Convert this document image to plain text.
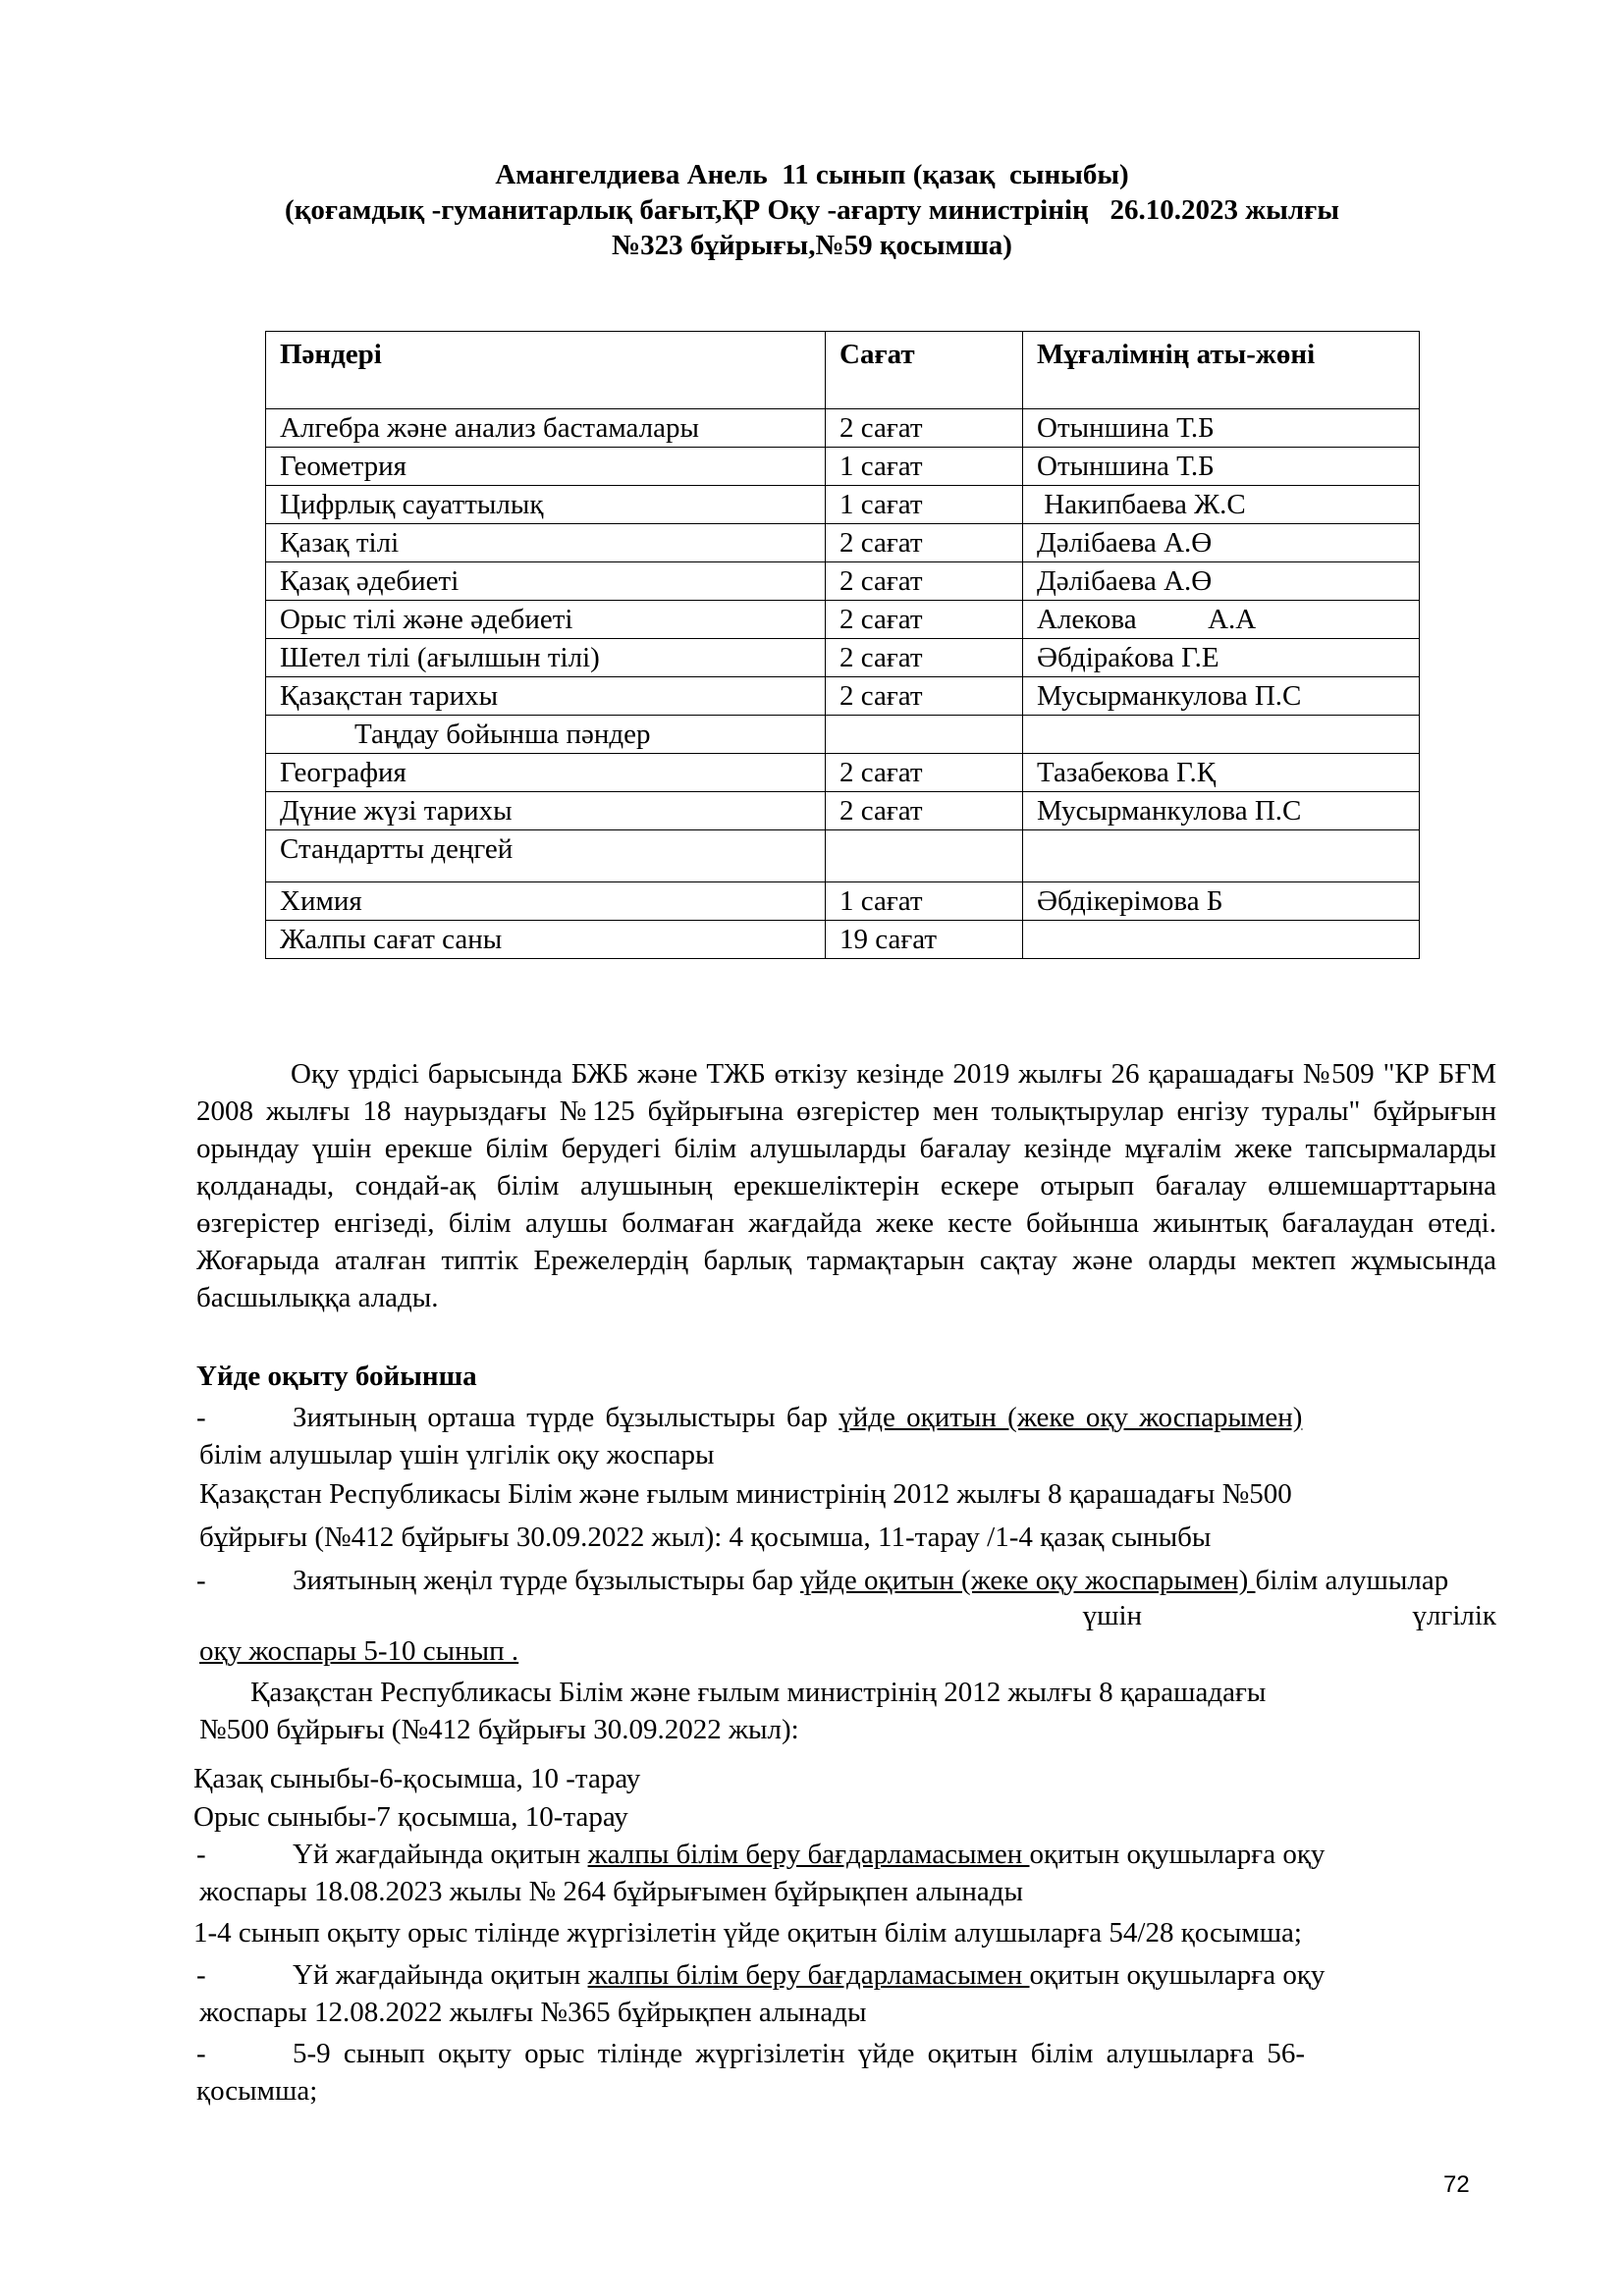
Амангелдиева Анель  11 сынып (қазақ  сыныбы)
(қоғамдық -гуманитарлық бағыт,ҚР Оқу -ағарту министрінің   26.10.2023 жылғы
№323 бұйрығы,№59 қосымша)
Пәндері	Сағат	Мұғалімнің аты-жөні
Алгебра және анализ бастамалары	2 сағат	Отыншина Т.Б
Геометрия	1 сағат	Отыншина Т.Б
Цифрлық сауаттылық	1 сағат	Накипбаева Ж.С
Қазақ тілі	2 сағат	Дәлібаева А.Ө
Қазақ әдебиеті	2 сағат	Дәлібаева А.Ө
Орыс тілі және әдебиеті	2 сағат	Алекова          А.А
Шетел тілі (ағылшын тілі)	2 сағат	Әбдіраќова Г.Е
Қазақстан тарихы	2 сағат	Мусырманкулова П.С
Таңдау бойынша пәндер		
География	2 сағат	Тазабекова Г.Қ
Дүние жүзі тарихы	2 сағат	Мусырманкулова П.С
Стандартты деңгей		
Химия	1 сағат	Әбдікерімова Б
Жалпы сағат саны	19 сағат	
Оқу үрдісі барысында БЖБ және ТЖБ өткізу кезінде 2019 жылғы 26 қарашадағы №509 "КР БҒМ 2008 жылғы 18 наурыздағы №125 бұйрығына өзгерістер мен толықтырулар енгізу туралы" бұйрығын орындау үшін ерекше білім берудегі білім алушыларды бағалау кезінде мұғалім жеке тапсырмаларды қолданады, сондай-ақ білім алушының ерекшеліктерін ескере отырып бағалау өлшемшарттарына өзгерістер енгізеді, білім алушы болмаған жағдайда жеке кесте бойынша жиынтық бағалаудан өтеді. Жоғарыда аталған типтік Ережелердің барлық тармақтарын сақтау және оларды мектеп жұмысында басшылыққа алады.
Үйде оқыту бойынша
-	Зиятының орташа түрде бұзылыстыры бар үйде оқитын (жеке оқу жоспарымен)
білім алушылар үшін үлгілік оқу жоспары
Қазақстан Республикасы Білім және ғылым министрінің 2012 жылғы 8 қарашадағы №500
бұйрығы (№412 бұйрығы 30.09.2022 жыл): 4 қосымша, 11-тарау /1-4 қазақ сыныбы
-	Зиятының жеңіл түрде бұзылыстыры бар үйде оқитын (жеке оқу жоспарымен) білім алушылар
үшін	үлгілік
оқу жоспары 5-10 сынып .
Қазақстан Республикасы Білім және ғылым министрінің 2012 жылғы 8 қарашадағы
№500 бұйрығы (№412 бұйрығы 30.09.2022 жыл):
Қазақ сыныбы-6-қосымша, 10 -тарау
Орыс сыныбы-7 қосымша, 10-тарау
-	Үй жағдайында оқитын жалпы білім беру бағдарламасымен оқитын оқушыларға оқу
жоспары 18.08.2023 жылы № 264 бұйрығымен бұйрықпен алынады
1-4 сынып оқыту орыс тілінде жүргізілетін үйде оқитын білім алушыларға 54/28 қосымша;
-	Үй жағдайында оқитын жалпы білім беру бағдарламасымен оқитын оқушыларға оқу
жоспары 12.08.2022 жылғы №365 бұйрықпен алынады
-	5-9 сынып оқыту орыс тілінде жүргізілетін үйде оқитын білім алушыларға 56-
қосымша;
72
